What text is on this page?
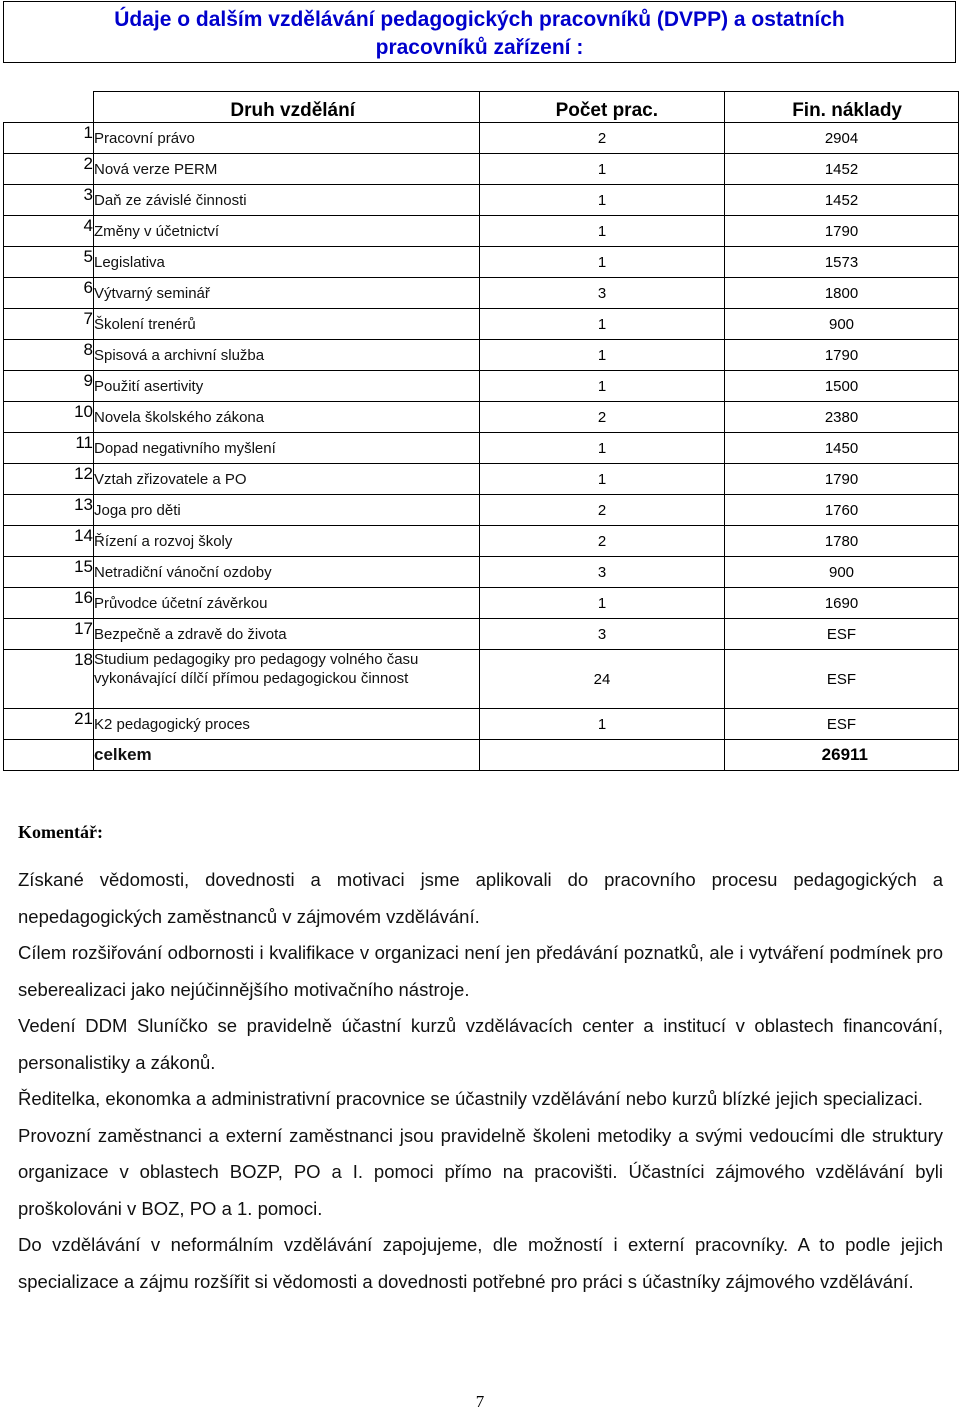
Údaje o dalším vzdělávání pedagogických pracovníků (DVPP) a ostatních
pracovníků zařízení :
	Druh vzdělání	Počet prac.	Fin. náklady
1	Pracovní právo	2	2904
2	Nová verze PERM	1	1452
3	Daň ze závislé činnosti	1	1452
4	Změny v účetnictví	1	1790
5	Legislativa	1	1573
6	Výtvarný seminář	3	1800
7	Školení trenérů	1	900
8	Spisová a archivní služba	1	1790
9	Použití asertivity	1	1500
10	Novela školského zákona	2	2380
11	Dopad negativního myšlení	1	1450
12	Vztah zřizovatele a PO	1	1790
13	Joga pro děti	2	1760
14	Řízení a rozvoj školy	2	1780
15	Netradiční vánoční ozdoby	3	900
16	Průvodce účetní závěrkou	1	1690
17	Bezpečně a zdravě do života	3	ESF
18	Studium pedagogiky pro pedagogy volného času vykonávající dílčí přímou pedagogickou činnost	24	ESF
21	K2 pedagogický proces	1	ESF
	celkem		26911
Komentář:

Získané vědomosti, dovednosti a motivaci jsme aplikovali do pracovního procesu pedagogických a nepedagogických zaměstnanců v zájmovém vzdělávání.

Cílem rozšiřování odbornosti i kvalifikace v organizaci není jen předávání poznatků, ale i vytváření podmínek pro seberealizaci jako nejúčinnějšího motivačního nástroje.

Vedení DDM Sluníčko se pravidelně účastní kurzů vzdělávacích center a institucí v oblastech financování, personalistiky a zákonů.

Ředitelka, ekonomka a administrativní pracovnice se účastnily vzdělávání nebo kurzů blízké jejich specializaci.

Provozní zaměstnanci a externí zaměstnanci jsou pravidelně školeni metodiky a svými vedoucími dle struktury organizace v oblastech BOZP, PO a I. pomoci přímo na pracovišti. Účastníci zájmového vzdělávání byli proškolováni v BOZ, PO a 1. pomoci.

Do vzdělávání v neformálním vzdělávání zapojujeme, dle možností i externí pracovníky. A to podle jejich specializace a zájmu rozšířit si vědomosti a dovednosti potřebné pro práci s účastníky zájmového vzdělávání.

7
